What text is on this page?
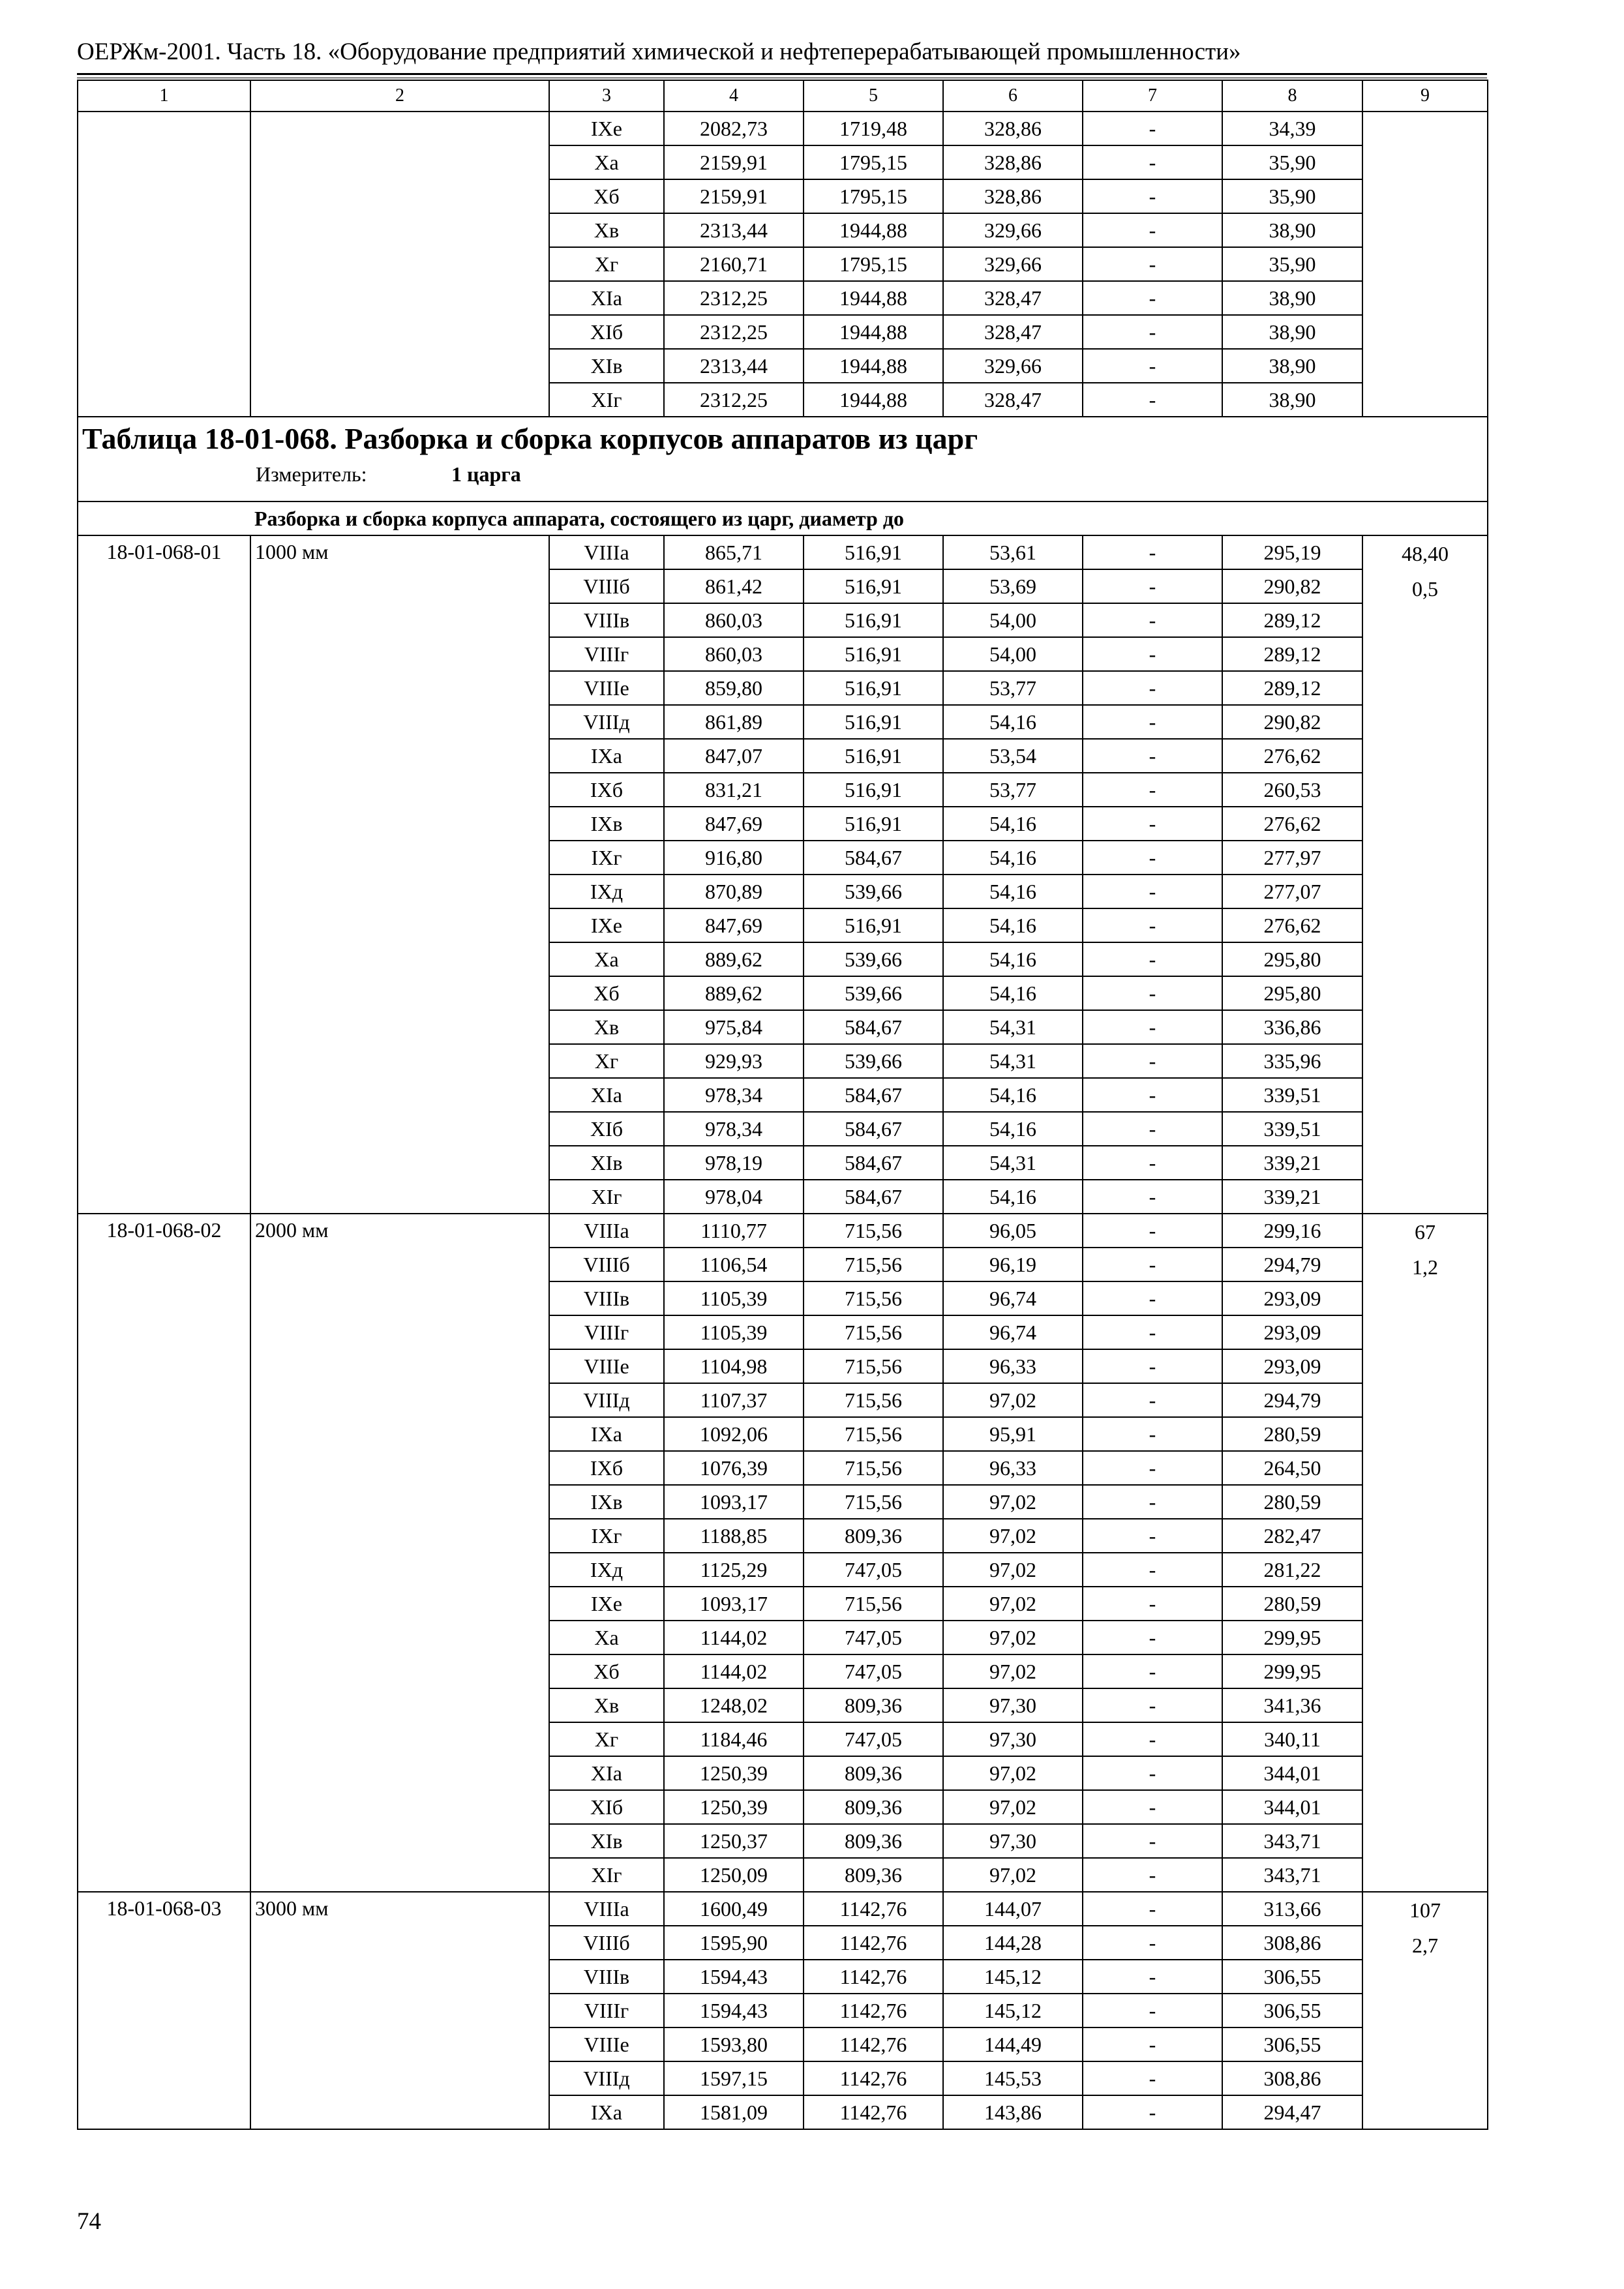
ОЕРЖм-2001. Часть 18. «Оборудование предприятий химической и нефтеперерабатывающей промышленности»
1	2	3	4	5	6	7	8	9
		IXе	2082,73	1719,48	328,86	-	34,39	
		Xа	2159,91	1795,15	328,86	-	35,90	
		Xб	2159,91	1795,15	328,86	-	35,90	
		Xв	2313,44	1944,88	329,66	-	38,90	
		Xг	2160,71	1795,15	329,66	-	35,90	
		XIа	2312,25	1944,88	328,47	-	38,90	
		XIб	2312,25	1944,88	328,47	-	38,90	
		XIв	2313,44	1944,88	329,66	-	38,90	
		XIг	2312,25	1944,88	328,47	-	38,90	

Таблица 18-01-068. Разборка и сборка корпусов аппаратов из царг
Измеритель: 1 царга								

Разборка и сборка корпуса аппарата, состоящего из царг, диаметр до								
18-01-068-01	1000 мм	VIIIа	865,71	516,91	53,61	-	295,19	48,40
0,5

		VIIIб	861,42	516,91	53,69	-	290,82	
		VIIIв	860,03	516,91	54,00	-	289,12	
		VIIIг	860,03	516,91	54,00	-	289,12	
		VIIIе	859,80	516,91	53,77	-	289,12	
		VIIIд	861,89	516,91	54,16	-	290,82	
		IXа	847,07	516,91	53,54	-	276,62	
		IXб	831,21	516,91	53,77	-	260,53	
		IXв	847,69	516,91	54,16	-	276,62	
		IXг	916,80	584,67	54,16	-	277,97	
		IXд	870,89	539,66	54,16	-	277,07	
		IXе	847,69	516,91	54,16	-	276,62	
		Xа	889,62	539,66	54,16	-	295,80	
		Xб	889,62	539,66	54,16	-	295,80	
		Xв	975,84	584,67	54,31	-	336,86	
		Xг	929,93	539,66	54,31	-	335,96	
		XIа	978,34	584,67	54,16	-	339,51	
		XIб	978,34	584,67	54,16	-	339,51	
		XIв	978,19	584,67	54,31	-	339,21	
		XIг	978,04	584,67	54,16	-	339,21	
18-01-068-02	2000 мм	VIIIа	1110,77	715,56	96,05	-	299,16	67
1,2

		VIIIб	1106,54	715,56	96,19	-	294,79	
		VIIIв	1105,39	715,56	96,74	-	293,09	
		VIIIг	1105,39	715,56	96,74	-	293,09	
		VIIIе	1104,98	715,56	96,33	-	293,09	
		VIIIд	1107,37	715,56	97,02	-	294,79	
		IXа	1092,06	715,56	95,91	-	280,59	
		IXб	1076,39	715,56	96,33	-	264,50	
		IXв	1093,17	715,56	97,02	-	280,59	
		IXг	1188,85	809,36	97,02	-	282,47	
		IXд	1125,29	747,05	97,02	-	281,22	
		IXе	1093,17	715,56	97,02	-	280,59	
		Xа	1144,02	747,05	97,02	-	299,95	
		Xб	1144,02	747,05	97,02	-	299,95	
		Xв	1248,02	809,36	97,30	-	341,36	
		Xг	1184,46	747,05	97,30	-	340,11	
		XIа	1250,39	809,36	97,02	-	344,01	
		XIб	1250,39	809,36	97,02	-	344,01	
		XIв	1250,37	809,36	97,30	-	343,71	
		XIг	1250,09	809,36	97,02	-	343,71	
18-01-068-03	3000 мм	VIIIа	1600,49	1142,76	144,07	-	313,66	107
2,7

		VIIIб	1595,90	1142,76	144,28	-	308,86	
		VIIIв	1594,43	1142,76	145,12	-	306,55	
		VIIIг	1594,43	1142,76	145,12	-	306,55	
		VIIIе	1593,80	1142,76	144,49	-	306,55	
		VIIIд	1597,15	1142,76	145,53	-	308,86	
		IXа	1581,09	1142,76	143,86	-	294,47	
74
